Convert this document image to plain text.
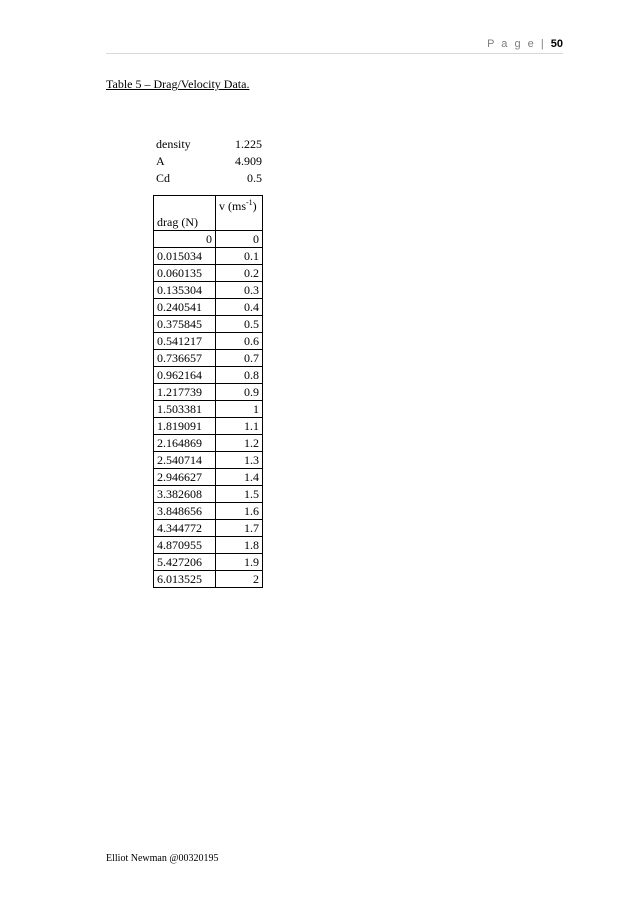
P a g e | 50
Table 5 – Drag/Velocity Data.
density	1.225
A	4.909
Cd	0.5
drag (N)	v $(ms^{-1})$
0	0
0.015034	0.1
0.060135	0.2
0.135304	0.3
0.240541	0.4
0.375845	0.5
0.541217	0.6
0.736657	0.7
0.962164	0.8
1.217739	0.9
1.503381	1
1.819091	1.1
2.164869	1.2
2.540714	1.3
2.946627	1.4
3.382608	1.5
3.848656	1.6
4.344772	1.7
4.870955	1.8
5.427206	1.9
6.013525	2
Elliot Newman @00320195
